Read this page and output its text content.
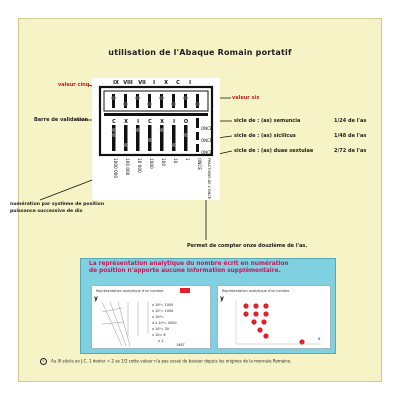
utilisation de l'Abaque Romain portatif
valeur cinq
valeur six
Barre de validation	sicle de : (as) semuncia	1/24 de l'as
sicle de : (as) sicilicus	1/48 de l'as
sicle de : (as) duae sextulae	2/72 de l'as
numération par système de position
puissance successive de dix
Permet de compter onze douzième de l'as.
IX VIII VII I X C I
C X I C X I O
ONCE
ONCE
ONCE
1000 000 100 000 10 000 1000 100 10 1 ONCE FRACTIONS DE L'ONCE
La représentation analytique du nombre écrit en numération de position n'apporte aucune information supplémentaire.
Représentation analytique d'un nombre
y
x 10⁶= 1000
x 10⁵= 1000
x 10⁴=
4 x 10³= 4000
x 10²= 30
x 10= 6
x 1
1487
Représentation analytique d'un nombre
y
x
① Au III siècle av J-C. 1 denier = 2 as 1/2 cette valeur n'a pas cessé de baisser depuis les origines de la monnaie Romaine.
